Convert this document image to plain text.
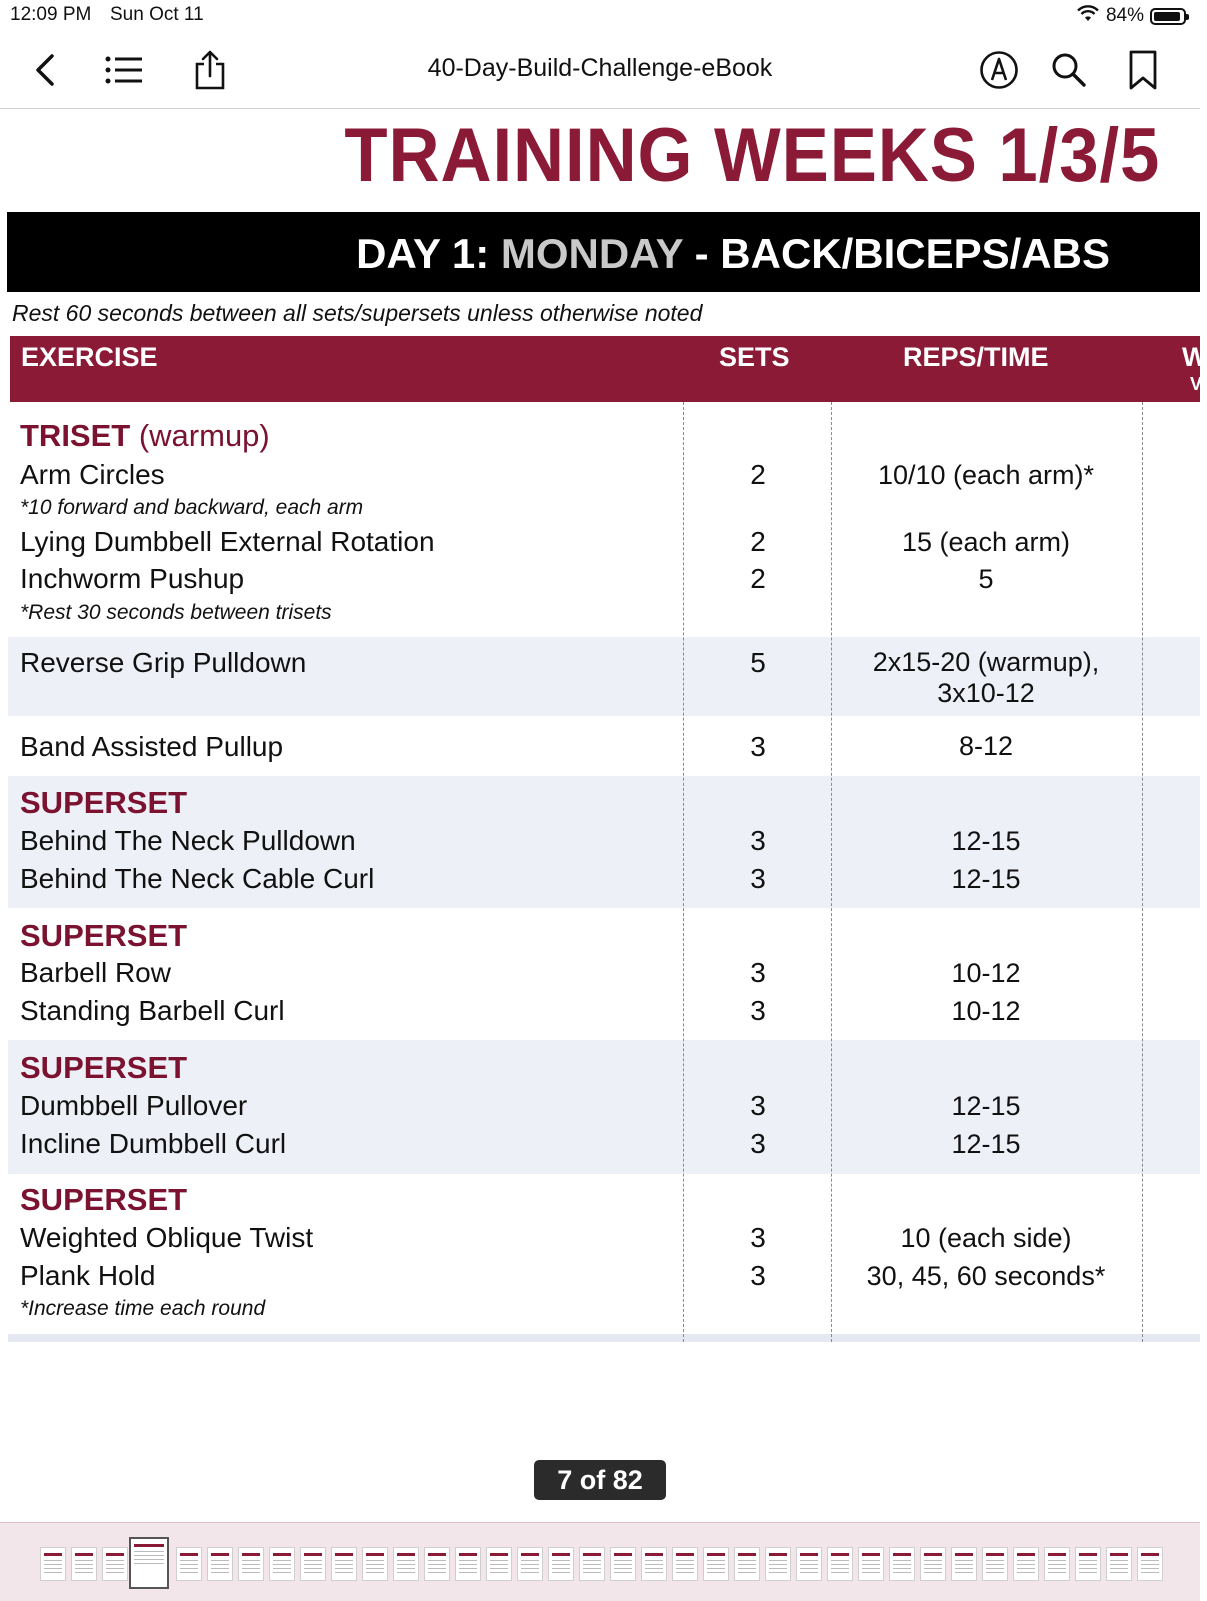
12:09 PM Sun Oct 11	84%
40-Day-Build-Challenge-eBook
TRAINING WEEKS 1/3/5
DAY 1: MONDAY - BACK/BICEPS/ABS
Rest 60 seconds between all sets/supersets unless otherwise noted
EXERCISE	SETS	REPS/TIME	W
V
TRISET (warmup)
Arm Circles	2	10/10 (each arm)*
*10 forward and backward, each arm
Lying Dumbbell External Rotation	2	15 (each arm)
Inchworm Pushup	2	5
*Rest 30 seconds between trisets
Reverse Grip Pulldown	5	2x15-20 (warmup),
3x10-12
Band Assisted Pullup	3	8-12
SUPERSET
Behind The Neck Pulldown	3	12-15
Behind The Neck Cable Curl	3	12-15
SUPERSET
Barbell Row	3	10-12
Standing Barbell Curl	3	10-12
SUPERSET
Dumbbell Pullover	3	12-15
Incline Dumbbell Curl	3	12-15
SUPERSET
Weighted Oblique Twist	3	10 (each side)
Plank Hold	3	30, 45, 60 seconds*
*Increase time each round
7 of 82
